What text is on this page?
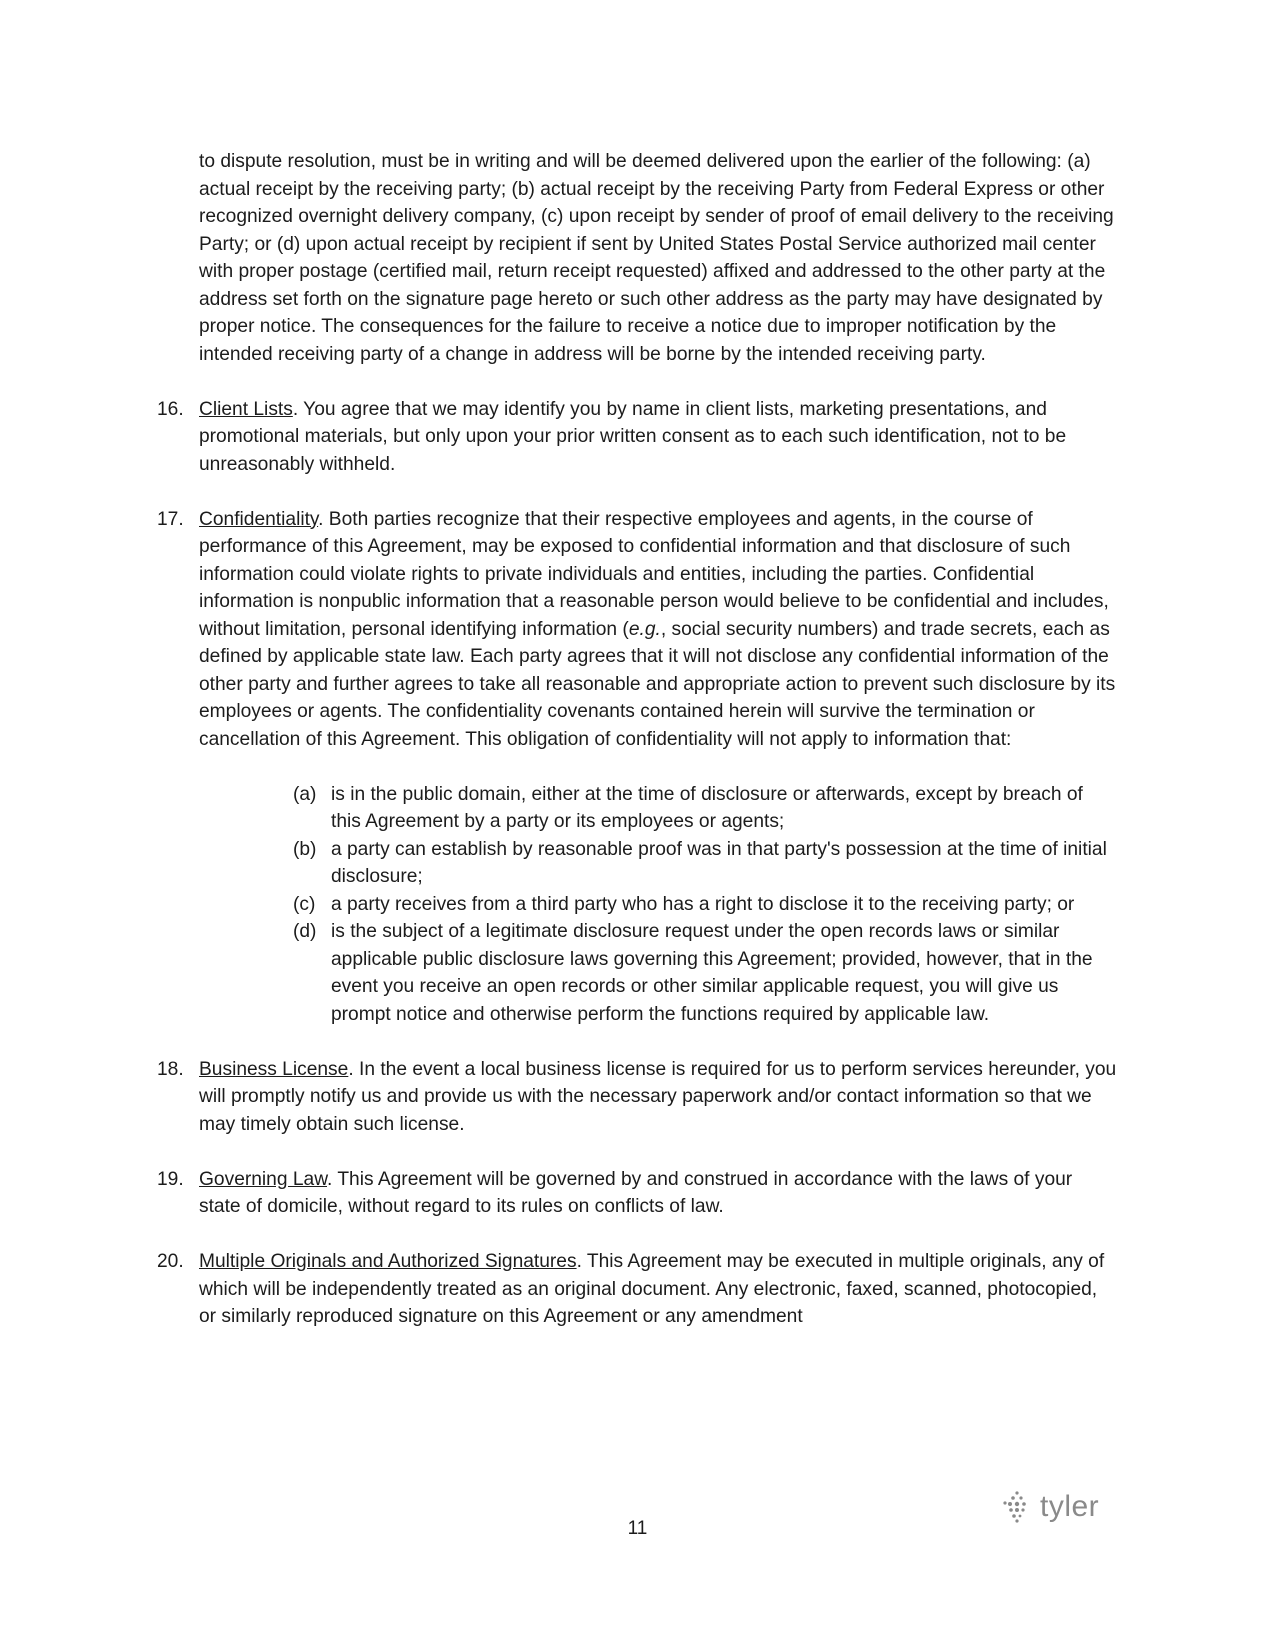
to dispute resolution, must be in writing and will be deemed delivered upon the earlier of the following: (a) actual receipt by the receiving party; (b) actual receipt by the receiving Party from Federal Express or other recognized overnight delivery company, (c) upon receipt by sender of proof of email delivery to the receiving Party; or (d) upon actual receipt by recipient if sent by United States Postal Service authorized mail center with proper postage (certified mail, return receipt requested) affixed and addressed to the other party at the address set forth on the signature page hereto or such other address as the party may have designated by proper notice. The consequences for the failure to receive a notice due to improper notification by the intended receiving party of a change in address will be borne by the intended receiving party.

16. Client Lists. You agree that we may identify you by name in client lists, marketing presentations, and promotional materials, but only upon your prior written consent as to each such identification, not to be unreasonably withheld.

17. Confidentiality. Both parties recognize that their respective employees and agents, in the course of performance of this Agreement, may be exposed to confidential information and that disclosure of such information could violate rights to private individuals and entities, including the parties. Confidential information is nonpublic information that a reasonable person would believe to be confidential and includes, without limitation, personal identifying information (e.g., social security numbers) and trade secrets, each as defined by applicable state law. Each party agrees that it will not disclose any confidential information of the other party and further agrees to take all reasonable and appropriate action to prevent such disclosure by its employees or agents. The confidentiality covenants contained herein will survive the termination or cancellation of this Agreement. This obligation of confidentiality will not apply to information that:

(a) is in the public domain, either at the time of disclosure or afterwards, except by breach of this Agreement by a party or its employees or agents;
(b) a party can establish by reasonable proof was in that party's possession at the time of initial disclosure;
(c) a party receives from a third party who has a right to disclose it to the receiving party; or
(d) is the subject of a legitimate disclosure request under the open records laws or similar applicable public disclosure laws governing this Agreement; provided, however, that in the event you receive an open records or other similar applicable request, you will give us prompt notice and otherwise perform the functions required by applicable law.
18. Business License. In the event a local business license is required for us to perform services hereunder, you will promptly notify us and provide us with the necessary paperwork and/or contact information so that we may timely obtain such license.

19. Governing Law. This Agreement will be governed by and construed in accordance with the laws of your state of domicile, without regard to its rules on conflicts of law.

20. Multiple Originals and Authorized Signatures. This Agreement may be executed in multiple originals, any of which will be independently treated as an original document. Any electronic, faxed, scanned, photocopied, or similarly reproduced signature on this Agreement or any amendment

tyler
11
